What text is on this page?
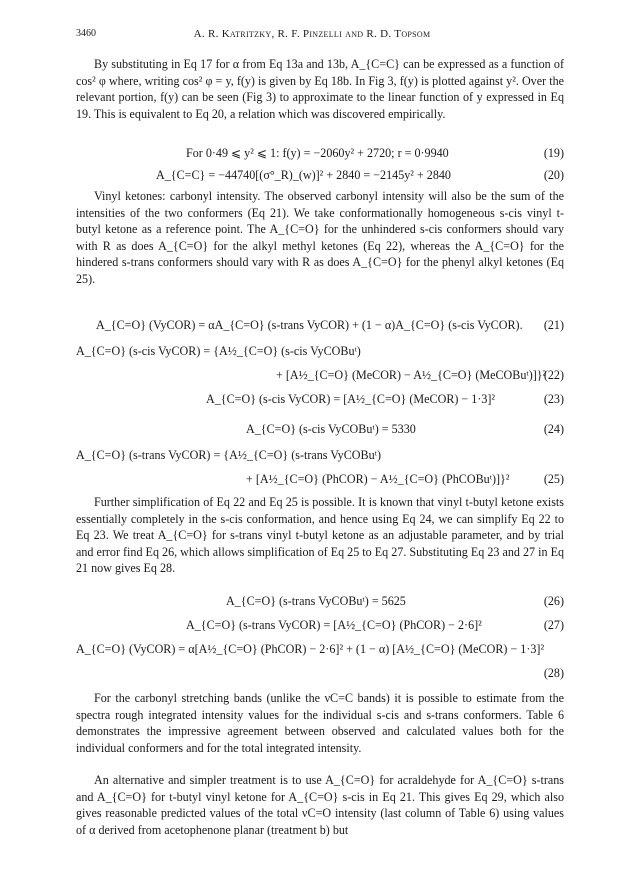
3460	A. R. Katritzky, R. F. Pinzelli and R. D. Topsom
By substituting in Eq 17 for α from Eq 13a and 13b, A_{C=C} can be expressed as a function of cos² φ where, writing cos² φ = y, f(y) is given by Eq 18b. In Fig 3, f(y) is plotted against y². Over the relevant portion, f(y) can be seen (Fig 3) to approximate to the linear function of y expressed in Eq 19. This is equivalent to Eq 20, a relation which was discovered empirically.
For 0·49 ⩽ y² ⩽ 1: f(y) = −2060y² + 2720; r = 0·9940	(19)
A_{C=C} = −44740[(σ°_R)_(w)]² + 2840 = −2145y² + 2840	(20)
Vinyl ketones: carbonyl intensity. The observed carbonyl intensity will also be the sum of the intensities of the two conformers (Eq 21). We take conformationally homogeneous s-cis vinyl t-butyl ketone as a reference point. The A_{C=O} for the unhindered s-cis conformers should vary with R as does A_{C=O} for the alkyl methyl ketones (Eq 22), whereas the A_{C=O} for the hindered s-trans conformers should vary with R as does A_{C=O} for the phenyl alkyl ketones (Eq 25).
A_{C=O} (VyCOR) = αA_{C=O} (s-trans VyCOR) + (1 − α)A_{C=O} (s-cis VyCOR). (21)
A_{C=O} (s-cis VyCOR) = {A½_{C=O} (s-cis VyCOBuᵗ)
+ [A½_{C=O} (MeCOR) − A½_{C=O} (MeCOBuᵗ)]}²
(22)
A_{C=O} (s-cis VyCOR) = [A½_{C=O} (MeCOR) − 1·3]²	(23)
A_{C=O} (s-cis VyCOBuᵗ) = 5330	(24)
A_{C=O} (s-trans VyCOR) = {A½_{C=O} (s-trans VyCOBuᵗ)
+ [A½_{C=O} (PhCOR) − A½_{C=O} (PhCOBuᵗ)]}²	(25)
Further simplification of Eq 22 and Eq 25 is possible. It is known that vinyl t-butyl ketone exists essentially completely in the s-cis conformation, and hence using Eq 24, we can simplify Eq 22 to Eq 23. We treat A_{C=O} for s-trans vinyl t-butyl ketone as an adjustable parameter, and by trial and error find Eq 26, which allows simplification of Eq 25 to Eq 27. Substituting Eq 23 and 27 in Eq 21 now gives Eq 28.
A_{C=O} (s-trans VyCOBuᵗ) = 5625	(26)
A_{C=O} (s-trans VyCOR) = [A½_{C=O} (PhCOR) − 2·6]²	(27)
A_{C=O} (VyCOR) = α[A½_{C=O} (PhCOR) − 2·6]² + (1 − α) [A½_{C=O} (MeCOR) − 1·3]²
(28)
For the carbonyl stretching bands (unlike the νC=C bands) it is possible to estimate from the spectra rough integrated intensity values for the individual s-cis and s-trans conformers. Table 6 demonstrates the impressive agreement between observed and calculated values both for the individual conformers and for the total integrated intensity.
An alternative and simpler treatment is to use A_{C=O} for acraldehyde for A_{C=O} s-trans and A_{C=O} for t-butyl vinyl ketone for A_{C=O} s-cis in Eq 21. This gives Eq 29, which also gives reasonable predicted values of the total νC=O intensity (last column of Table 6) using values of α derived from acetophenone planar (treatment b) but
